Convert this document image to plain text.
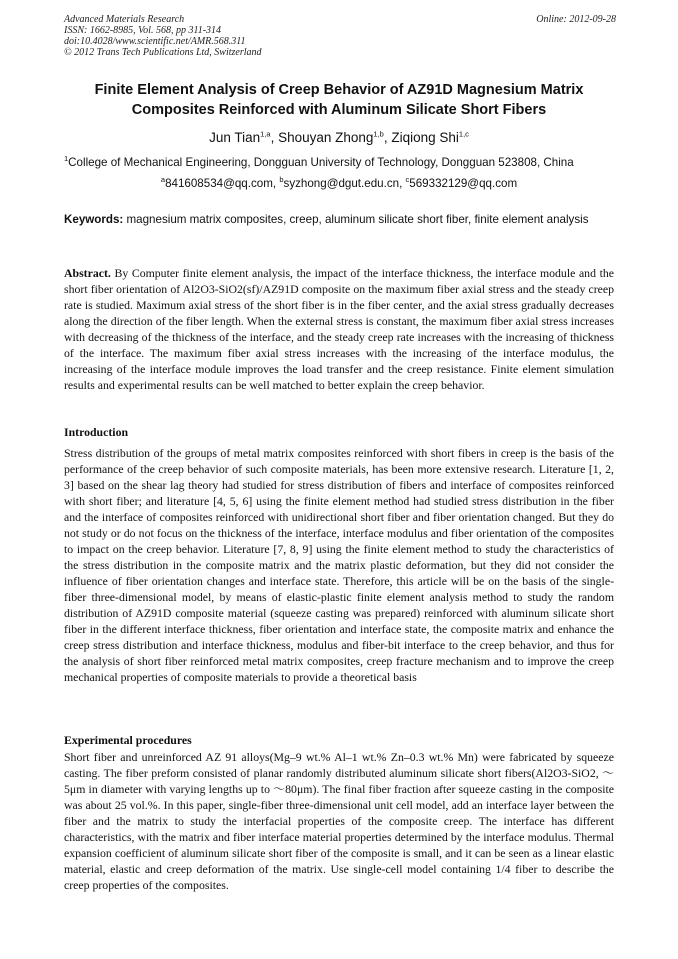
Advanced Materials Research
ISSN: 1662-8985, Vol. 568, pp 311-314
doi:10.4028/www.scientific.net/AMR.568.311
© 2012 Trans Tech Publications Ltd, Switzerland
Online: 2012-09-28
Finite Element Analysis of Creep Behavior of AZ91D Magnesium Matrix
Composites Reinforced with Aluminum Silicate Short Fibers
Jun Tian$^{1,a}$, Shouyan Zhong$^{1,b}$, Ziqiong Shi$^{1,c}$
$^1$College of Mechanical Engineering, Dongguan University of Technology, Dongguan 523808, China
$^a$841608534@qq.com, $^b$syzhong@dgut.edu.cn, $^c$569332129@qq.com
Keywords: magnesium matrix composites, creep, aluminum silicate short fiber, finite element analysis
Abstract. By Computer finite element analysis, the impact of the interface thickness, the interface module and the short fiber orientation of Al2O3-SiO2(sf)/AZ91D composite on the maximum fiber axial stress and the steady creep rate is studied. Maximum axial stress of the short fiber is in the fiber center, and the axial stress gradually decreases along the direction of the fiber length. When the external stress is constant, the maximum fiber axial stress increases with decreasing of the thickness of the interface, and the steady creep rate increases with the increasing of thickness of the interface. The maximum fiber axial stress increases with the increasing of the interface modulus, the increasing of the interface module improves the load transfer and the creep resistance. Finite element simulation results and experimental results can be well matched to better explain the creep behavior.
Introduction
Stress distribution of the groups of metal matrix composites reinforced with short fibers in creep is the basis of the performance of the creep behavior of such composite materials, has been more extensive research. Literature [1, 2, 3] based on the shear lag theory had studied for stress distribution of fibers and interface of composites reinforced with short fiber; and literature [4, 5, 6] using the finite element method had studied stress distribution in the fiber and the interface of composites reinforced with unidirectional short fiber and fiber orientation changed. But they do not study or do not focus on the thickness of the interface, interface modulus and fiber orientation of the composites to impact on the creep behavior. Literature [7, 8, 9] using the finite element method to study the characteristics of the stress distribution in the composite matrix and the matrix plastic deformation, but they did not consider the influence of fiber orientation changes and interface state. Therefore, this article will be on the basis of the single-fiber three-dimensional model, by means of elastic-plastic finite element analysis method to study the random distribution of AZ91D composite material (squeeze casting was prepared) reinforced with aluminum silicate short fiber in the different interface thickness, fiber orientation and interface state, the composite matrix and enhance the creep stress distribution and interface thickness, modulus and fiber-bit interface to the creep behavior, and thus for the analysis of short fiber reinforced metal matrix composites, creep fracture mechanism and to improve the creep mechanical properties of composite materials to provide a theoretical basis
Experimental procedures
Short fiber and unreinforced AZ 91 alloys(Mg–9 wt.% Al–1 wt.% Zn–0.3 wt.% Mn) were fabricated by squeeze casting. The fiber preform consisted of planar randomly distributed aluminum silicate short fibers(Al2O3-SiO2, ～5μm in diameter with varying lengths up to ～80μm). The final fiber fraction after squeeze casting in the composite was about 25 vol.%. In this paper, single-fiber three-dimensional unit cell model, add an interface layer between the fiber and the matrix to study the interfacial properties of the composite creep. The interface has different characteristics, with the matrix and fiber interface material properties determined by the interface modulus. Thermal expansion coefficient of aluminum silicate short fiber of the composite is small, and it can be seen as a linear elastic material, elastic and creep deformation of the matrix. Use single-cell model containing 1/4 fiber to describe the creep properties of the composites.
